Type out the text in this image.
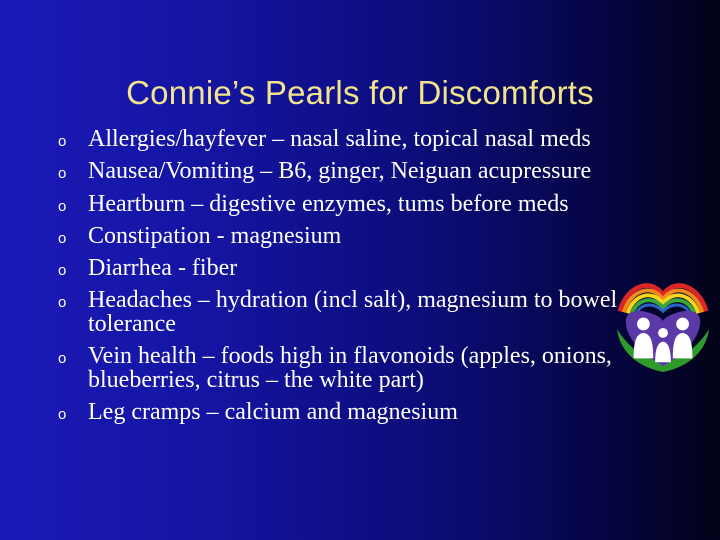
Connie’s Pearls for Discomforts
o Allergies/hayfever – nasal saline, topical nasal meds
o Nausea/Vomiting – B6, ginger, Neiguan acupressure
o Heartburn – digestive enzymes, tums before meds
o Constipation - magnesium
o Diarrhea - fiber
o Headaches – hydration (incl salt), magnesium to bowel tolerance
o Vein health – foods high in flavonoids (apples, onions, blueberries, citrus – the white part)
o Leg cramps – calcium and magnesium
